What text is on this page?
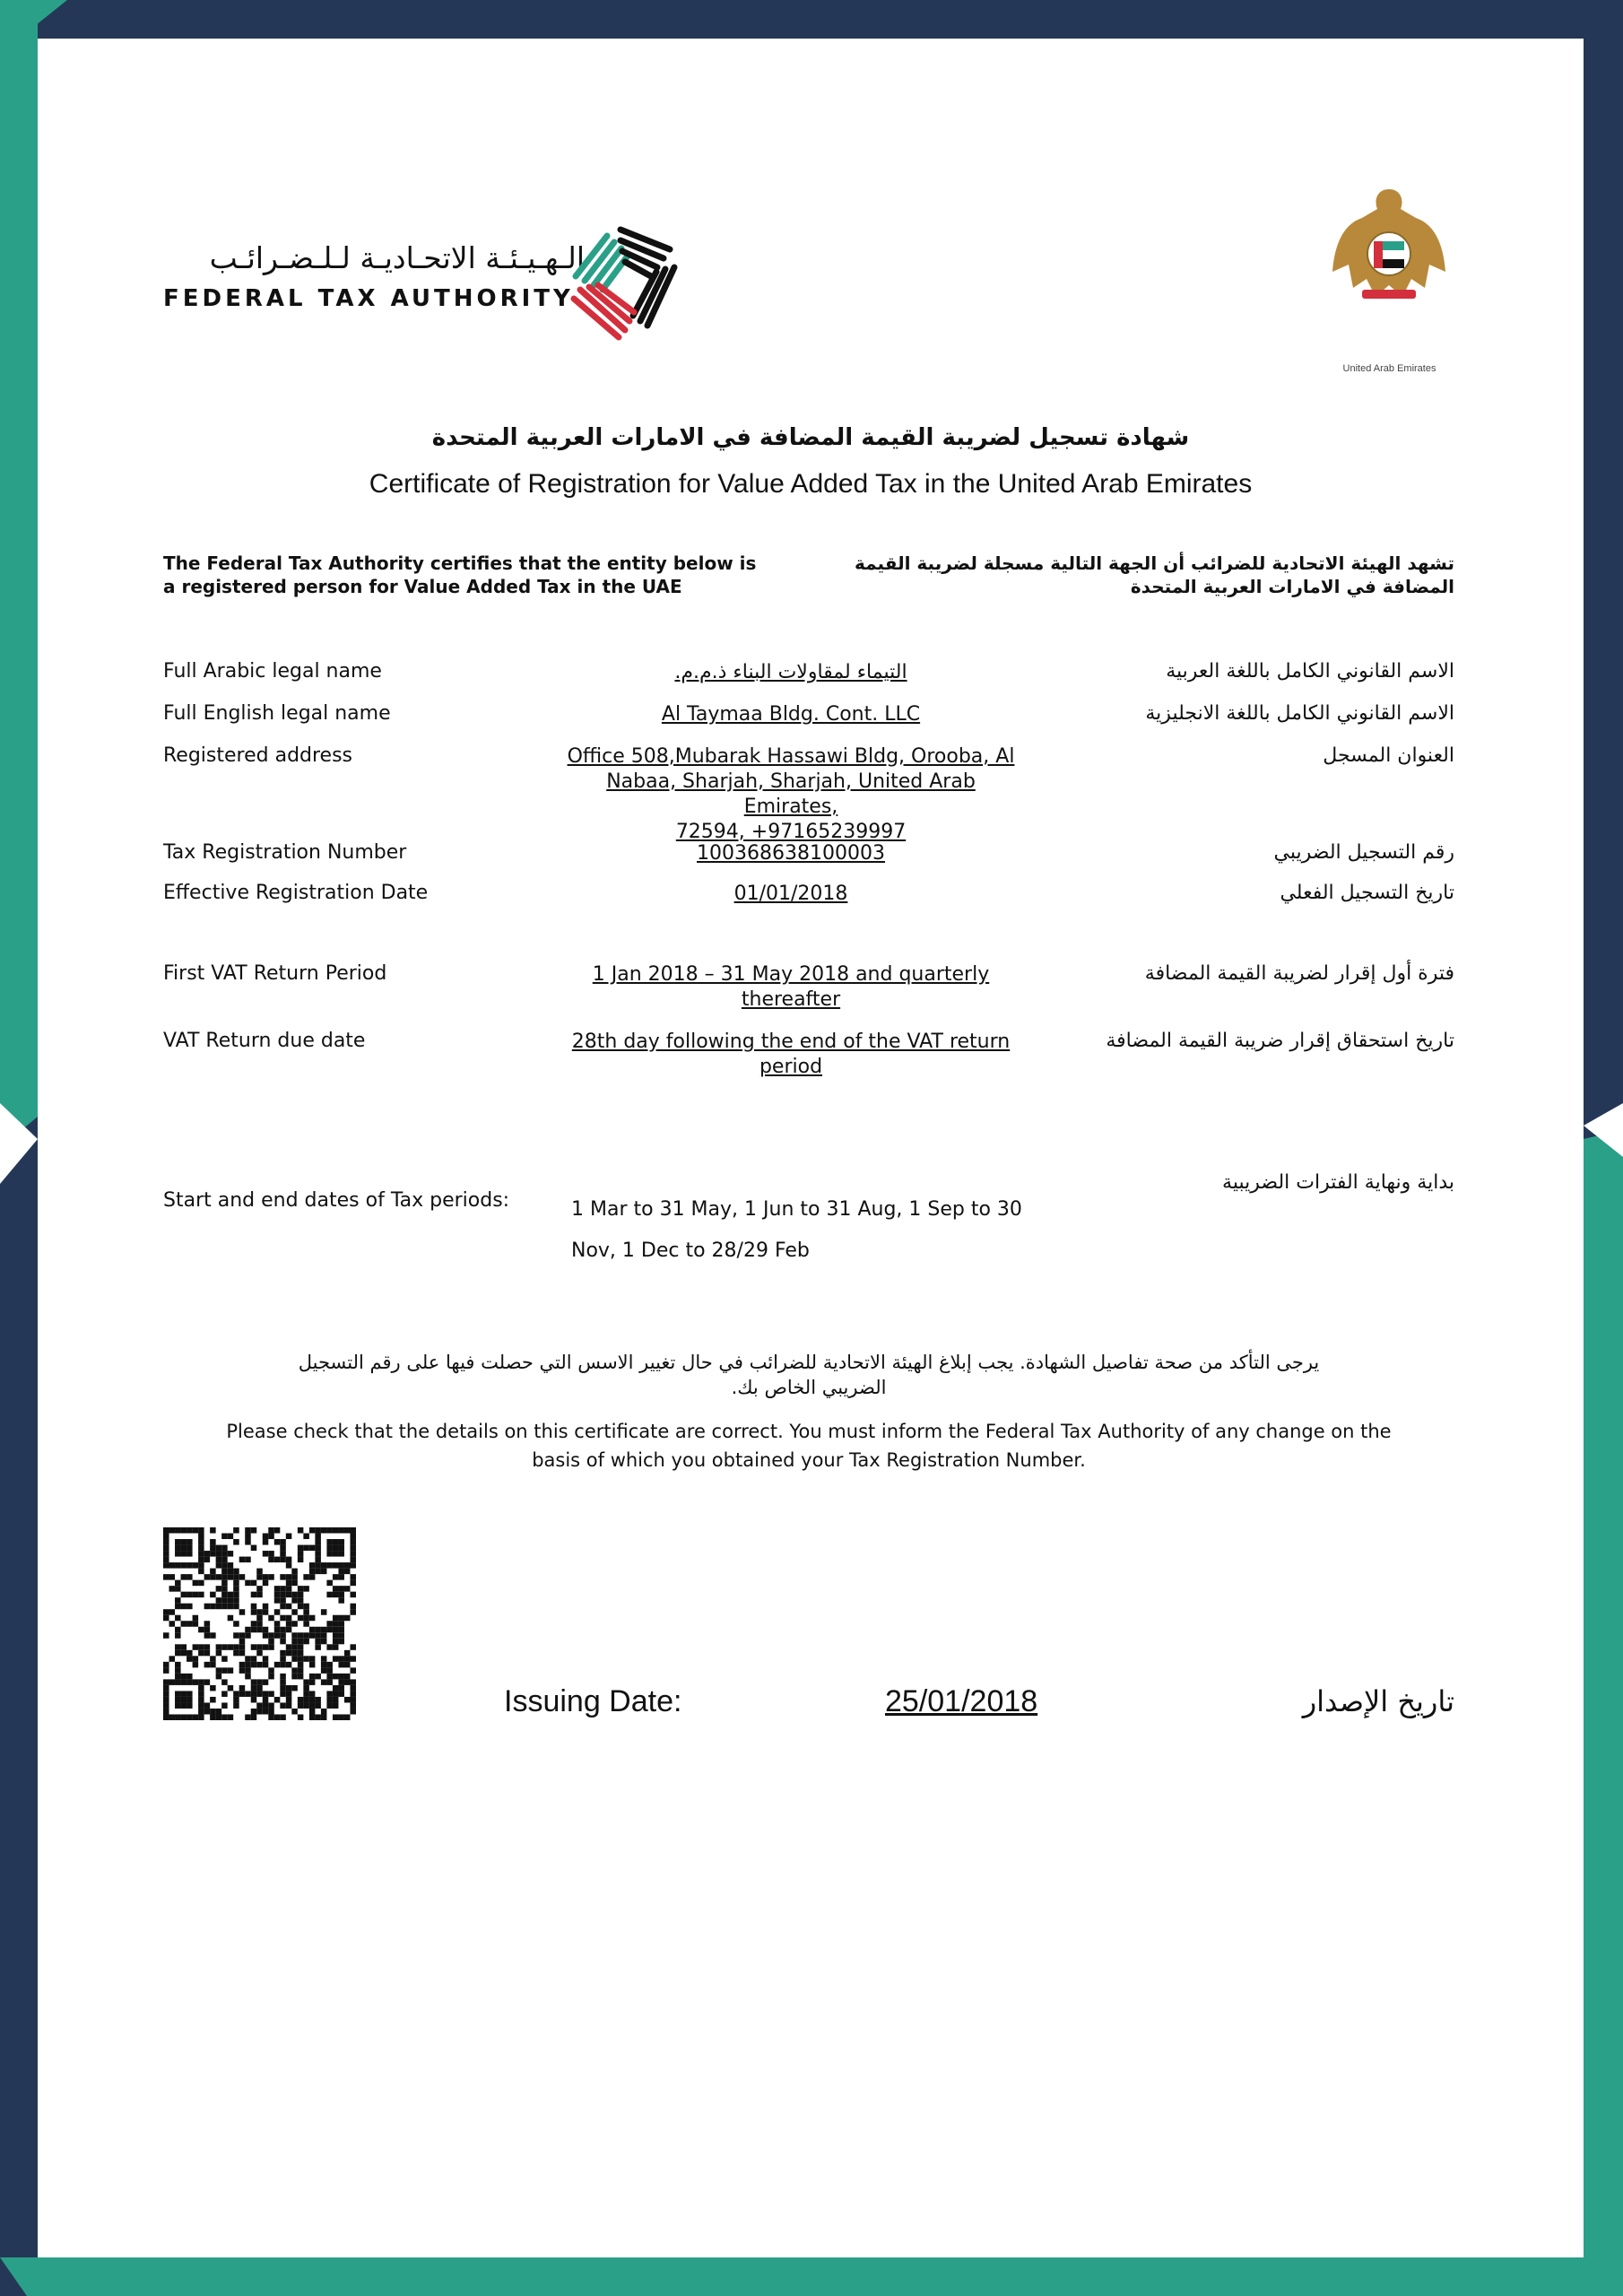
الـهـيـئـة الاتحـاديـة لـلـضـرائـب
FEDERAL TAX AUTHORITY
United Arab Emirates
شهادة تسجيل لضريبة القيمة المضافة في الامارات العربية المتحدة
Certificate of Registration for Value Added Tax in the United Arab Emirates
The Federal Tax Authority certifies that the entity below is
a registered person for Value Added Tax in the UAE
تشهد الهيئة الاتحادية للضرائب أن الجهة التالية مسجلة لضريبة القيمة
المضافة في الامارات العربية المتحدة
Full Arabic legal name	التيماء لمقاولات البناء ذ.م.م.	الاسم القانوني الكامل باللغة العربية
Full English legal name	Al Taymaa Bldg. Cont. LLC	الاسم القانوني الكامل باللغة الانجليزية
Registered address	Office 508,Mubarak Hassawi Bldg, Orooba, Al
Nabaa, Sharjah, Sharjah, United Arab Emirates,
72594, +97165239997
العنوان المسجل
Tax Registration Number	100368638100003	رقم التسجيل الضريبي
Effective Registration Date	01/01/2018	تاريخ التسجيل الفعلي
First VAT Return Period	1 Jan 2018 – 31 May 2018 and quarterly
thereafter
فترة أول إقرار لضريبة القيمة المضافة
VAT Return due date	28th day following the end of the VAT return
period
تاريخ استحقاق إقرار ضريبة القيمة المضافة
Start and end dates of Tax periods:	1 Mar to 31 May, 1 Jun to 31 Aug, 1 Sep to 30
Nov, 1 Dec to 28/29 Feb
بداية ونهاية الفترات الضريبية
يرجى التأكد من صحة تفاصيل الشهادة. يجب إبلاغ الهيئة الاتحادية للضرائب في حال تغيير الاسس التي حصلت فيها على رقم التسجيل
الضريبي الخاص بك.
Please check that the details on this certificate are correct. You must inform the Federal Tax Authority of any change on the
basis of which you obtained your Tax Registration Number.
Issuing Date:	25/01/2018	تاريخ الإصدار
